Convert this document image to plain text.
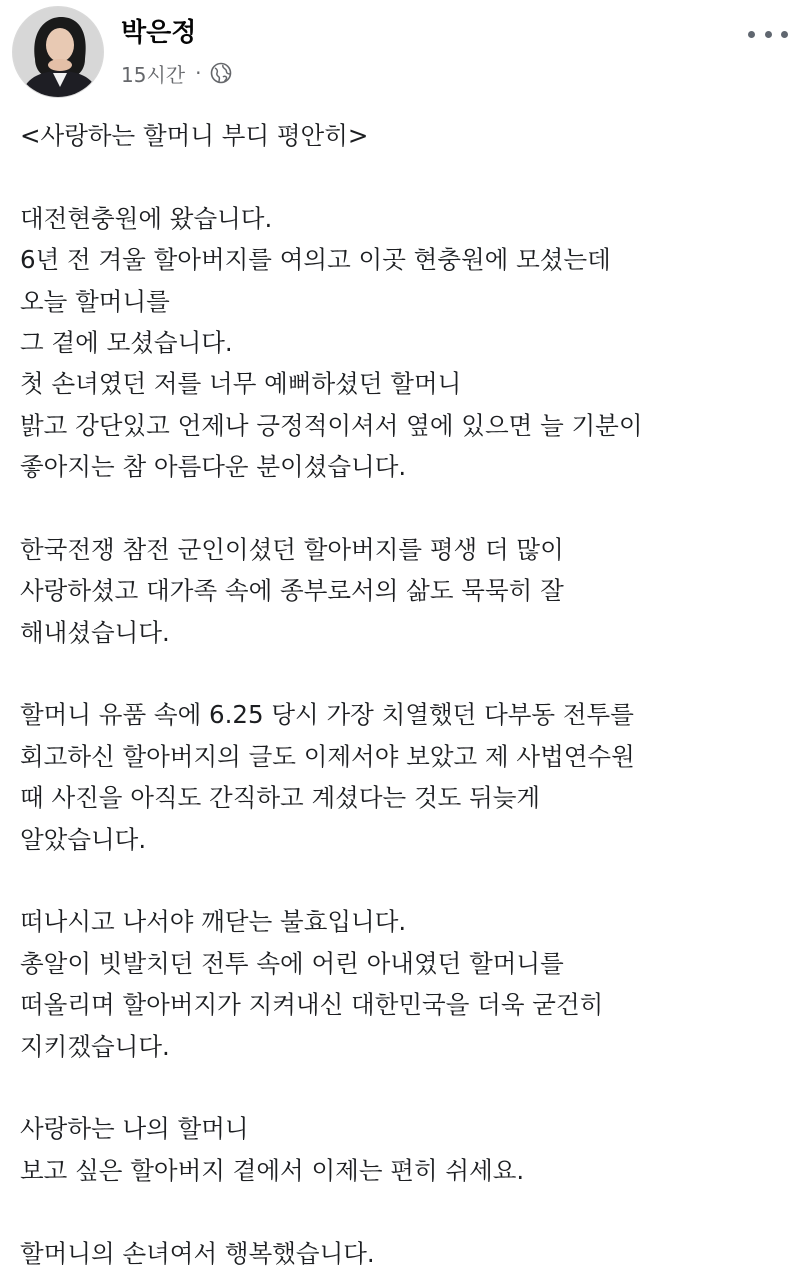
박은정
15시간 ·
<사랑하는 할머니 부디 평안히>
대전현충원에 왔습니다.
6년 전 겨울 할아버지를 여의고 이곳 현충원에 모셨는데
오늘 할머니를
그 곁에 모셨습니다.
첫 손녀였던 저를 너무 예뻐하셨던 할머니
밝고 강단있고 언제나 긍정적이셔서 옆에 있으면 늘 기분이
좋아지는 참 아름다운 분이셨습니다.
한국전쟁 참전 군인이셨던 할아버지를 평생 더 많이
사랑하셨고 대가족 속에 종부로서의 삶도 묵묵히 잘
해내셨습니다.
할머니 유품 속에 6.25 당시 가장 치열했던 다부동 전투를
회고하신 할아버지의 글도 이제서야 보았고 제 사법연수원
때 사진을 아직도 간직하고 계셨다는 것도 뒤늦게
알았습니다.
떠나시고 나서야 깨닫는 불효입니다.
총알이 빗발치던 전투 속에 어린 아내였던 할머니를
떠올리며 할아버지가 지켜내신 대한민국을 더욱 굳건히
지키겠습니다.
사랑하는 나의 할머니
보고 싶은 할아버지 곁에서 이제는 편히 쉬세요.
할머니의 손녀여서 행복했습니다.
